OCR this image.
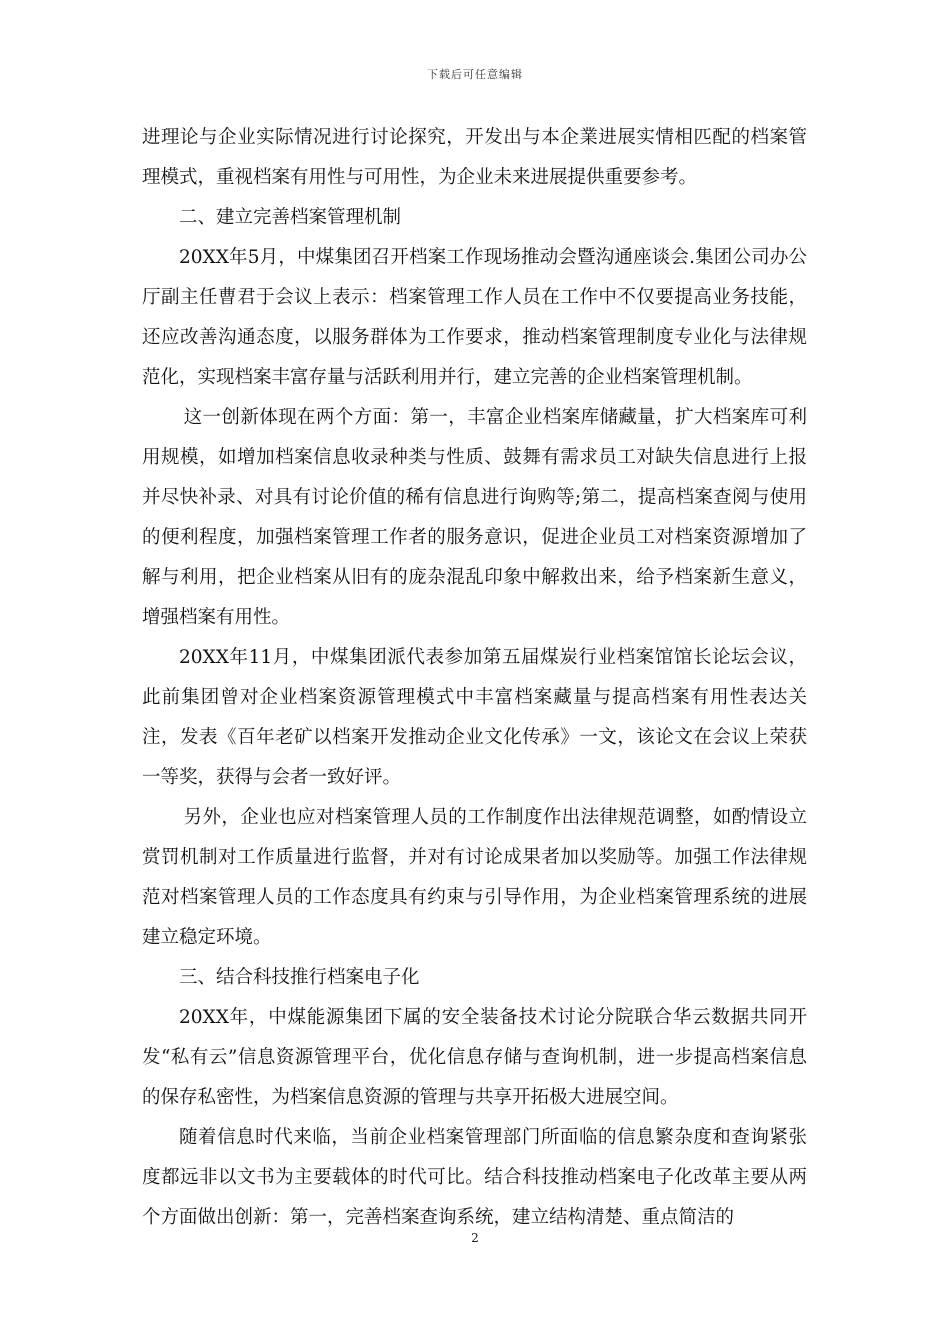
下载后可任意编辑

进理论与企业实际情况进行讨论探究，开发出与本企業进展实情相匹配的档案管理模式，重视档案有用性与可用性，为企业未来进展提供重要参考。

二、建立完善档案管理机制

20XX年5月，中煤集团召开档案工作现场推动会暨沟通座谈会.集团公司办公厅副主任曹君于会议上表示：档案管理工作人员在工作中不仅要提高业务技能，还应改善沟通态度，以服务群体为工作要求，推动档案管理制度专业化与法律规范化，实现档案丰富存量与活跃利用并行，建立完善的企业档案管理机制。

这一创新体现在两个方面：第一，丰富企业档案库储藏量，扩大档案库可利用规模，如增加档案信息收录种类与性质、鼓舞有需求员工对缺失信息进行上报并尽快补录、对具有讨论价值的稀有信息进行询购等;第二，提高档案查阅与使用的便利程度，加强档案管理工作者的服务意识，促进企业员工对档案资源增加了解与利用，把企业档案从旧有的庞杂混乱印象中解救出来，给予档案新生意义，增强档案有用性。

20XX年11月，中煤集团派代表参加第五届煤炭行业档案馆馆长论坛会议，此前集团曾对企业档案资源管理模式中丰富档案藏量与提高档案有用性表达关注，发表《百年老矿以档案开发推动企业文化传承》一文，该论文在会议上荣获一等奖，获得与会者一致好评。

另外，企业也应对档案管理人员的工作制度作出法律规范调整，如酌情设立赏罚机制对工作质量进行监督，并对有讨论成果者加以奖励等。加强工作法律规范对档案管理人员的工作态度具有约束与引导作用，为企业档案管理系统的进展建立稳定环境。

三、结合科技推行档案电子化

20XX年，中煤能源集团下属的安全装备技术讨论分院联合华云数据共同开发“私有云”信息资源管理平台，优化信息存储与查询机制，进一步提高档案信息的保存私密性，为档案信息资源的管理与共享开拓极大进展空间。

随着信息时代来临，当前企业档案管理部门所面临的信息繁杂度和查询紧张度都远非以文书为主要载体的时代可比。结合科技推动档案电子化改革主要从两个方面做出创新：第一，完善档案查询系统，建立结构清楚、重点简洁的

2
